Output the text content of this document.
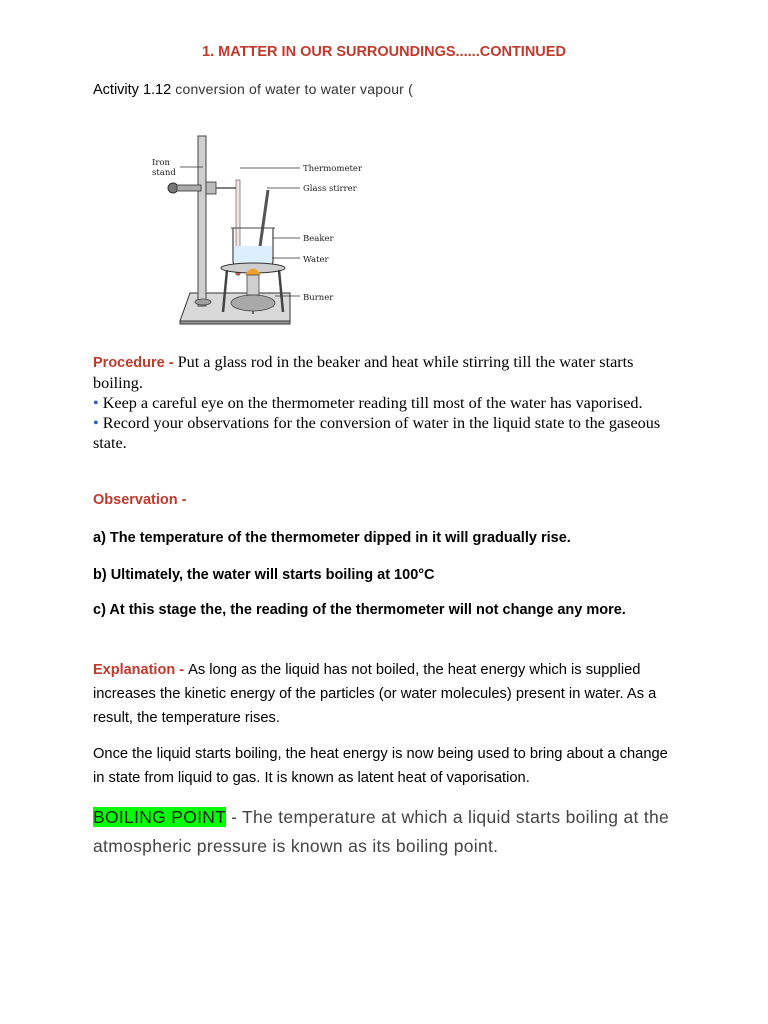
1. MATTER IN OUR SURROUNDINGS......CONTINUED
Activity 1.12 conversion of water to water vapour (
Iron
stand	Thermometer
Glass stirrer
Beaker
Water
Burner
Procedure - Put a glass rod in the beaker and heat while stirring till the water starts boiling.
• Keep a careful eye on the thermometer reading till most of the water has vaporised.
• Record your observations for the conversion of water in the liquid state to the gaseous state.
Observation -
a) The temperature of the thermometer dipped in it will gradually rise.
b) Ultimately, the water will starts boiling at 100°C
c) At this stage the, the reading of the thermometer will not change any more.
Explanation - As long as the liquid has not boiled, the heat energy which is supplied increases the kinetic energy of the particles (or water molecules) present in water. As a result, the temperature rises.
Once the liquid starts boiling, the heat energy is now being used to bring about a change in state from liquid to gas. It is known as latent heat of vaporisation.
BOILING POINT - The temperature at which a liquid starts boiling at the atmospheric pressure is known as its boiling point.
